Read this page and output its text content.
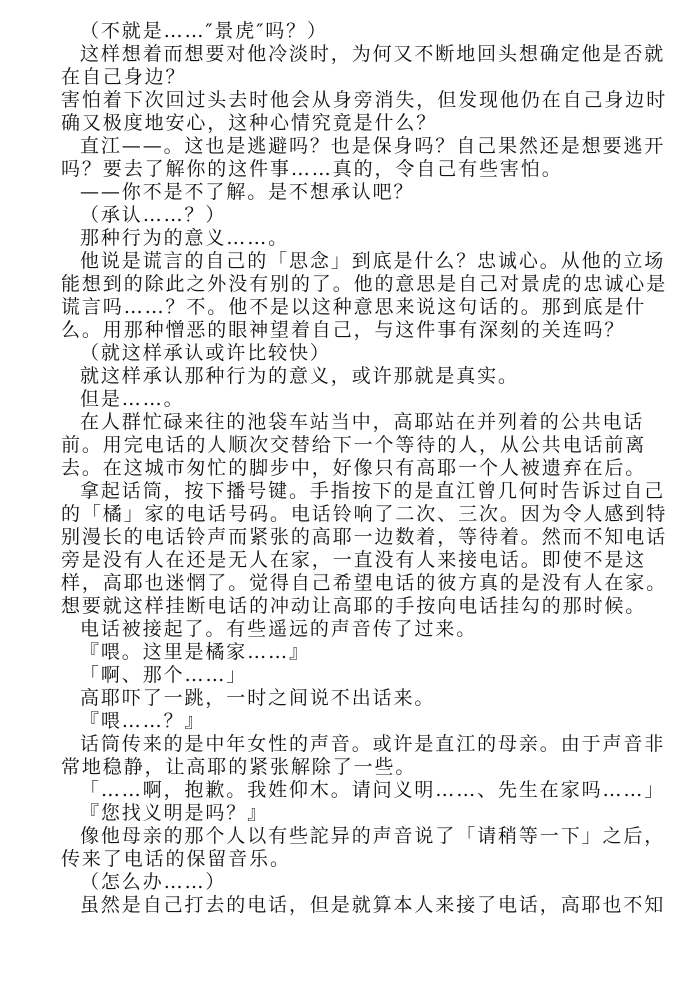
（不就是……″景虎″吗？）
这样想着而想要对他冷淡时，为何又不断地回头想确定他是否就
在自己身边？
害怕着下次回过头去时他会从身旁消失，但发现他仍在自己身边时
确又极度地安心，这种心情究竟是什么？
直江——。这也是逃避吗？也是保身吗？自己果然还是想要逃开
吗？要去了解你的这件事……真的，令自己有些害怕。
——你不是不了解。是不想承认吧？
（承认……？）
那种行为的意义……。
他说是谎言的自己的「思念」到底是什么？忠诚心。从他的立场
能想到的除此之外没有别的了。他的意思是自己对景虎的忠诚心是
谎言吗……？不。他不是以这种意思来说这句话的。那到底是什
么。用那种憎恶的眼神望着自己，与这件事有深刻的关连吗？
（就这样承认或许比较快）
就这样承认那种行为的意义，或许那就是真实。
但是……。
在人群忙碌来往的池袋车站当中，高耶站在并列着的公共电话
前。用完电话的人顺次交替给下一个等待的人，从公共电话前离
去。在这城市匆忙的脚步中，好像只有高耶一个人被遗弃在后。
拿起话筒，按下播号键。手指按下的是直江曾几何时告诉过自己
的「橘」家的电话号码。电话铃响了二次、三次。因为令人感到特
别漫长的电话铃声而紧张的高耶一边数着，等待着。然而不知电话
旁是没有人在还是无人在家，一直没有人来接电话。即使不是这
样，高耶也迷惘了。觉得自己希望电话的彼方真的是没有人在家。
想要就这样挂断电话的冲动让高耶的手按向电话挂勾的那时候。
电话被接起了。有些遥远的声音传了过来。
『喂。这里是橘家……』
「啊、那个……」
高耶吓了一跳，一时之间说不出话来。
『喂……？』
话筒传来的是中年女性的声音。或许是直江的母亲。由于声音非
常地稳静，让高耶的紧张解除了一些。
「……啊，抱歉。我姓仰木。请问义明……、先生在家吗……」
『您找义明是吗？』
像他母亲的那个人以有些詑异的声音说了「请稍等一下」之后，
传来了电话的保留音乐。
（怎么办……）
虽然是自己打去的电话，但是就算本人来接了电话，高耶也不知
